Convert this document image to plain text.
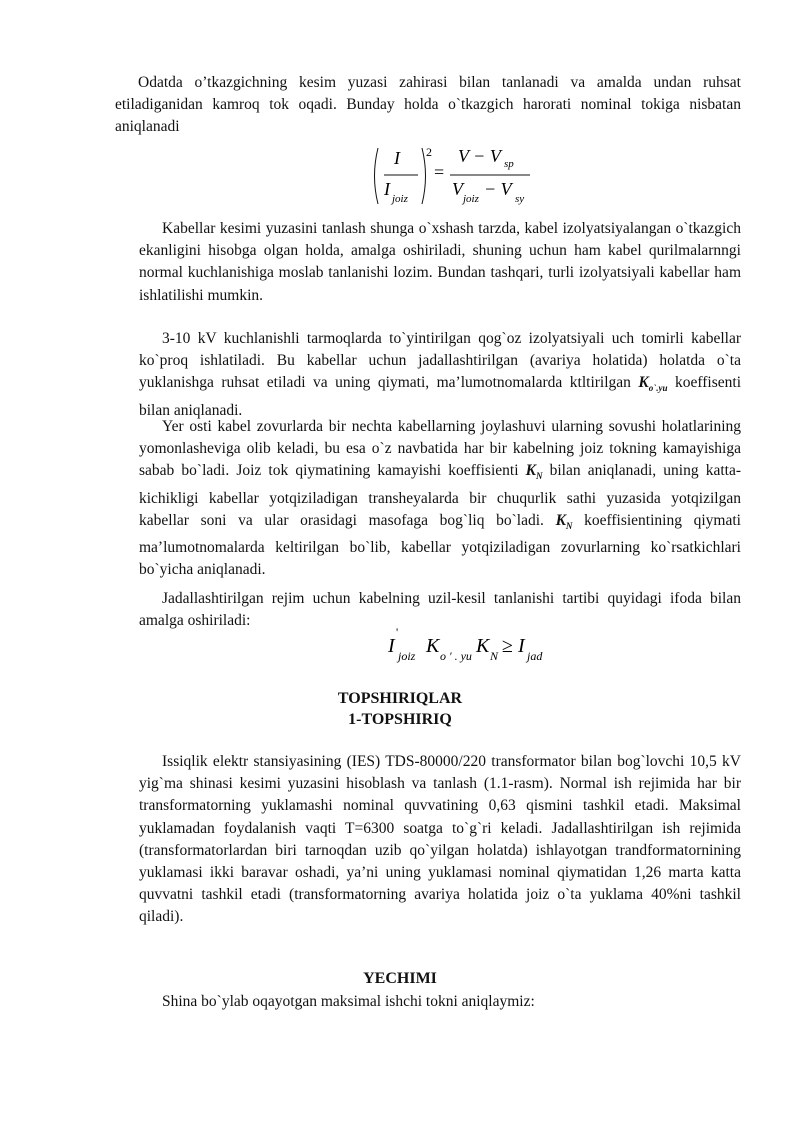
Odatda o’tkazgichning kesim yuzasi zahirasi bilan tanlanadi va amalda undan ruhsat etiladiganidan kamroq tok oqadi. Bunday holda o`tkazgich harorati nominal tokiga nisbatan aniqlanadi

I
I joiz
2
=
V − V sp
V joiz − V sy

Kabellar kesimi yuzasini tanlash shunga o`xshash tarzda, kabel izolyatsiyalangan o`tkazgich ekanligini hisobga olgan holda, amalga oshiriladi, shuning uchun ham kabel qurilmalarnngi normal kuchlanishiga moslab tanlanishi lozim. Bundan tashqari, turli izolyatsiyali kabellar ham ishlatilishi mumkin.

3-10 kV kuchlanishli tarmoqlarda to`yintirilgan qog`oz izolyatsiyali uch tomirli kabellar ko`proq ishlatiladi. Bu kabellar uchun jadallashtirilgan (avariya holatida) holatda o`ta yuklanishga ruhsat etiladi va uning qiymati, ma’lumotnomalarda ktltirilgan $K_{o`.yu}$ koeffisenti bilan aniqlanadi.

Yer osti kabel zovurlarda bir nechta kabellarning joylashuvi ularning sovushi holatlarining yomonlasheviga olib keladi, bu esa o`z navbatida har bir kabelning joiz tokning kamayishiga sabab bo`ladi. Joiz tok qiymatining kamayishi koeffisienti $K_N$ bilan aniqlanadi, uning katta-kichikligi kabellar yotqiziladigan transheyalarda bir chuqurlik sathi yuzasida yotqizilgan kabellar soni va ular orasidagi masofaga bog`liq bo`ladi. $K_N$ koeffisientining qiymati ma’lumotnomalarda keltirilgan bo`lib, kabellar yotqiziladigan zovurlarning ko`rsatkichlari bo`yicha aniqlanadi.

Jadallashtirilgan rejim uchun kabelning uzil-kesil tanlanishi tartibi quyidagi ifoda bilan amalga oshiriladi:

I
'
joiz K o ' . yu K N ≥ I jad

TOPSHIRIQLAR

1-TOPSHIRIQ

Issiqlik elektr stansiyasining (IES) TDS-80000/220 transformator bilan bog`lovchi 10,5 kV yig`ma shinasi kesimi yuzasini hisoblash va tanlash (1.1-rasm). Normal ish rejimida har bir transformatorning yuklamashi nominal quvvatining 0,63 qismini tashkil etadi. Maksimal yuklamadan foydalanish vaqti T=6300 soatga to`g`ri keladi. Jadallashtirilgan ish rejimida (transformatorlardan biri tarnoqdan uzib qo`yilgan holatda) ishlayotgan trandformatornining yuklamasi ikki baravar oshadi, ya’ni uning yuklamasi nominal qiymatidan 1,26 marta katta quvvatni tashkil etadi (transformatorning avariya holatida joiz o`ta yuklama 40%ni tashkil qiladi).

YECHIMI

Shina bo`ylab oqayotgan maksimal ishchi tokni aniqlaymiz:
